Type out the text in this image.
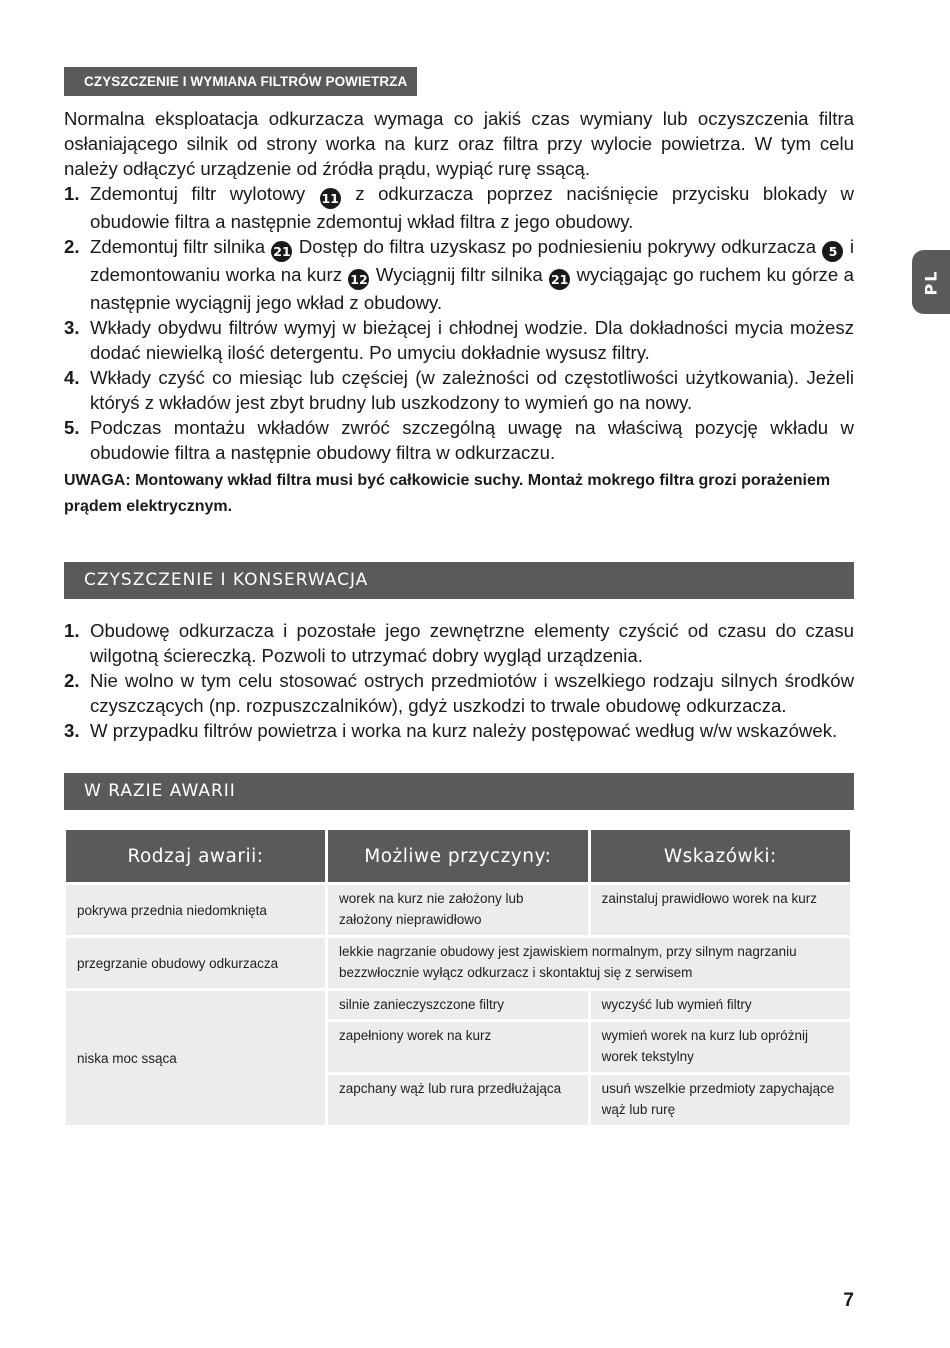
PL
CZYSZCZENIE I WYMIANA FILTRÓW POWIETRZA

Normalna eksploatacja odkurzacza wymaga co jakiś czas wymiany lub oczyszczenia filtra osłaniającego silnik od strony worka na kurz oraz filtra przy wylocie powietrza. W tym celu należy odłączyć urządzenie od źródła prądu, wypiąć rurę ssącą.

1. Zdemontuj filtr wylotowy 11 z odkurzacza poprzez naciśnięcie przycisku blokady w obudowie filtra a następnie zdemontuj wkład filtra z jego obudowy.
2. Zdemontuj filtr silnika 21 Dostęp do filtra uzyskasz po podniesieniu pokrywy odkurzacza 5 i zdemontowaniu worka na kurz 12 Wyciągnij filtr silnika 21 wyciągając go ruchem ku górze a następnie wyciągnij jego wkład z obudowy.
3. Wkłady obydwu filtrów wymyj w bieżącej i chłodnej wodzie. Dla dokładności mycia możesz dodać niewielką ilość detergentu. Po umyciu dokładnie wysusz filtry.
4. Wkłady czyść co miesiąc lub częściej (w zależności od częstotliwości użytkowania). Jeżeli któryś z wkładów jest zbyt brudny lub uszkodzony to wymień go na nowy.
5. Podczas montażu wkładów zwróć szczególną uwagę na właściwą pozycję wkładu w obudowie filtra a następnie obudowy filtra w odkurzaczu.

UWAGA: Montowany wkład filtra musi być całkowicie suchy. Montaż mokrego filtra grozi porażeniem prądem elektrycznym.

CZYSZCZENIE I KONSERWACJA
1. Obudowę odkurzacza i pozostałe jego zewnętrzne elementy czyścić od czasu do czasu wilgotną ściereczką. Pozwoli to utrzymać dobry wygląd urządzenia.
2. Nie wolno w tym celu stosować ostrych przedmiotów i wszelkiego rodzaju silnych środków czyszczących (np. rozpuszczalników), gdyż uszkodzi to trwale obudowę odkurzacza.
3. W przypadku filtrów powietrza i worka na kurz należy postępować według w/w wskazówek.
W RAZIE AWARII
Rodzaj awarii:	Możliwe przyczyny:	Wskazówki:
pokrywa przednia niedomknięta	worek na kurz nie założony lub założony nieprawidłowo	zainstaluj prawidłowo worek na kurz
przegrzanie obudowy odkurzacza	lekkie nagrzanie obudowy jest zjawiskiem normalnym, przy silnym nagrzaniu bezzwłocznie wyłącz odkurzacz i skontaktuj się z serwisem	
niska moc ssąca	silnie zanieczyszczone filtry	wyczyść lub wymień filtry
	zapełniony worek na kurz	wymień worek na kurz lub opróżnij worek tekstylny
	zapchany wąż lub rura przedłużająca	usuń wszelkie przedmioty zapychające wąż lub rurę
7
